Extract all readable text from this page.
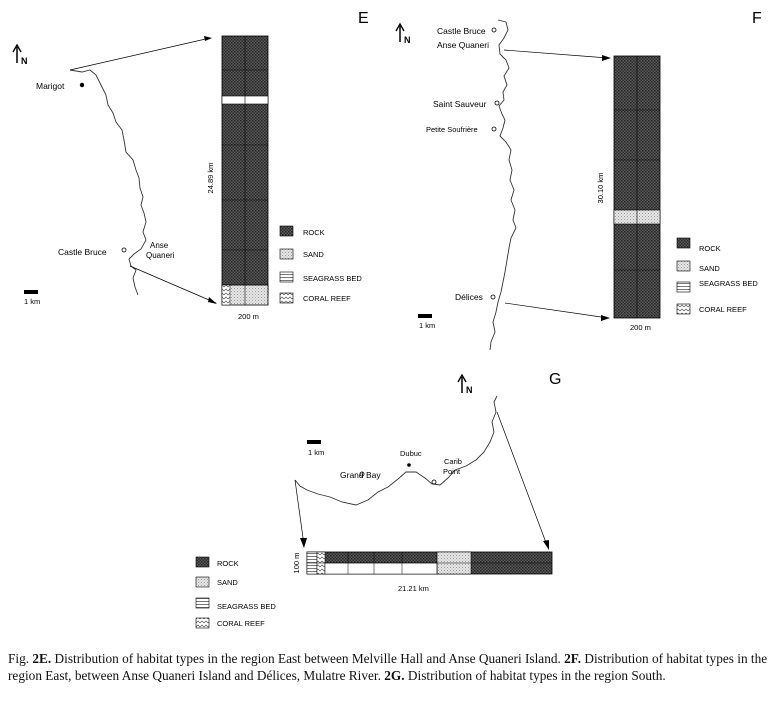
E
N
Marigot
Castle Bruce
Anse
Quaneri
1 km
24.89 km
200 m
ROCK
SAND
SEAGRASS BED
CORAL REEF
F
N
Castle Bruce
Anse Quaneri
Saint Sauveur
Petite Soufrière
Délices
1 km
30.10 km
200 m
ROCK
SAND
SEAGRASS BED
CORAL REEF
G
N
1 km	Dubuc
Grand Bay
Carib
Point
100 m
21.21 km
ROCK
SAND
SEAGRASS BED
CORAL REEF
Fig. 2E. Distribution of habitat types in the region East between Melville Hall and Anse Quaneri Island. 2F. Distribution of habitat types in the region East, between Anse Quaneri Island and Délices, Mulatre River. 2G. Distribution of habitat types in the region South.
